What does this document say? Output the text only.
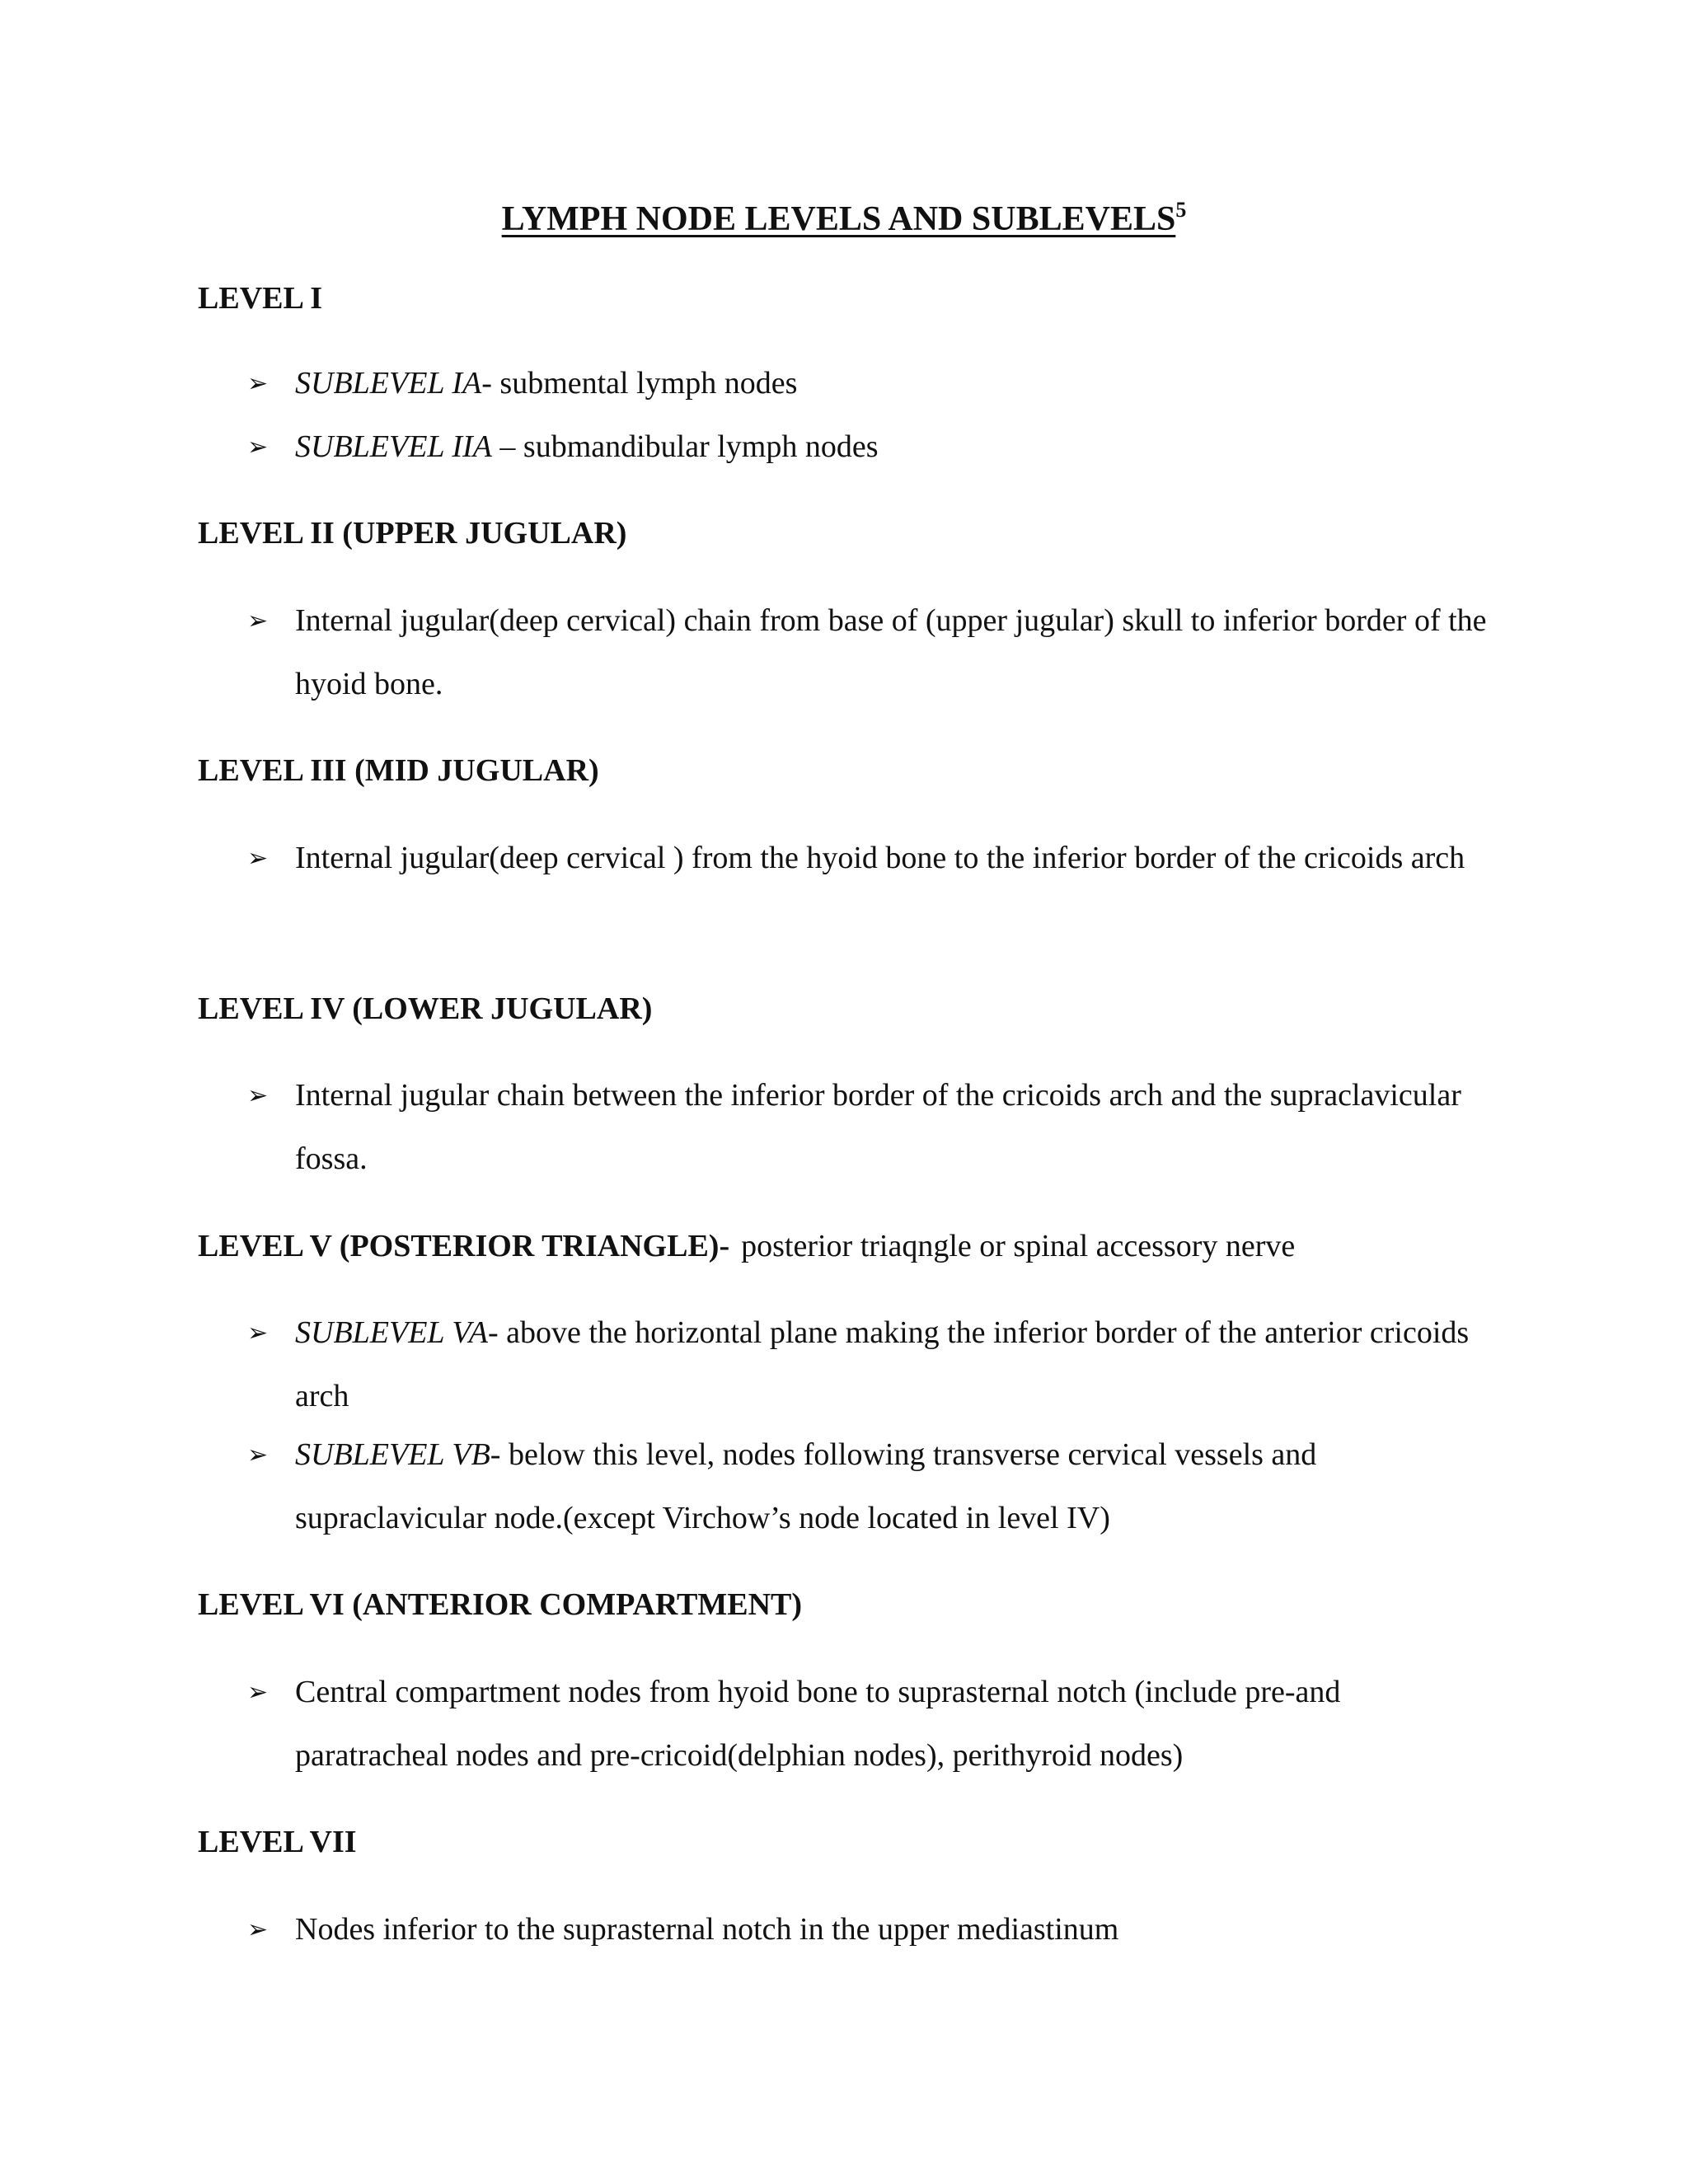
LYMPH NODE LEVELS AND SUBLEVELS$^5$
LEVEL I
➢ SUBLEVEL IA- submental lymph nodes
➢ SUBLEVEL IIA – submandibular lymph nodes
LEVEL II (UPPER JUGULAR)
➢ Internal jugular(deep cervical) chain from base of (upper jugular) skull to inferior border of the hyoid bone.
LEVEL III (MID JUGULAR)
➢ Internal jugular(deep cervical ) from the hyoid bone to the inferior border of the cricoids arch
LEVEL IV (LOWER JUGULAR)
➢ Internal jugular chain between the inferior border of the cricoids arch and the supraclavicular fossa.
LEVEL V (POSTERIOR TRIANGLE)- posterior triaqngle or spinal accessory nerve
➢ SUBLEVEL VA- above the horizontal plane making the inferior border of the anterior cricoids arch
➢ SUBLEVEL VB- below this level, nodes following transverse cervical vessels and supraclavicular node.(except Virchow’s node located in level IV)
LEVEL VI (ANTERIOR COMPARTMENT)
➢ Central compartment nodes from hyoid bone to suprasternal notch (include pre-and paratracheal nodes and pre-cricoid(delphian nodes), perithyroid nodes)
LEVEL VII
➢ Nodes inferior to the suprasternal notch in the upper mediastinum
